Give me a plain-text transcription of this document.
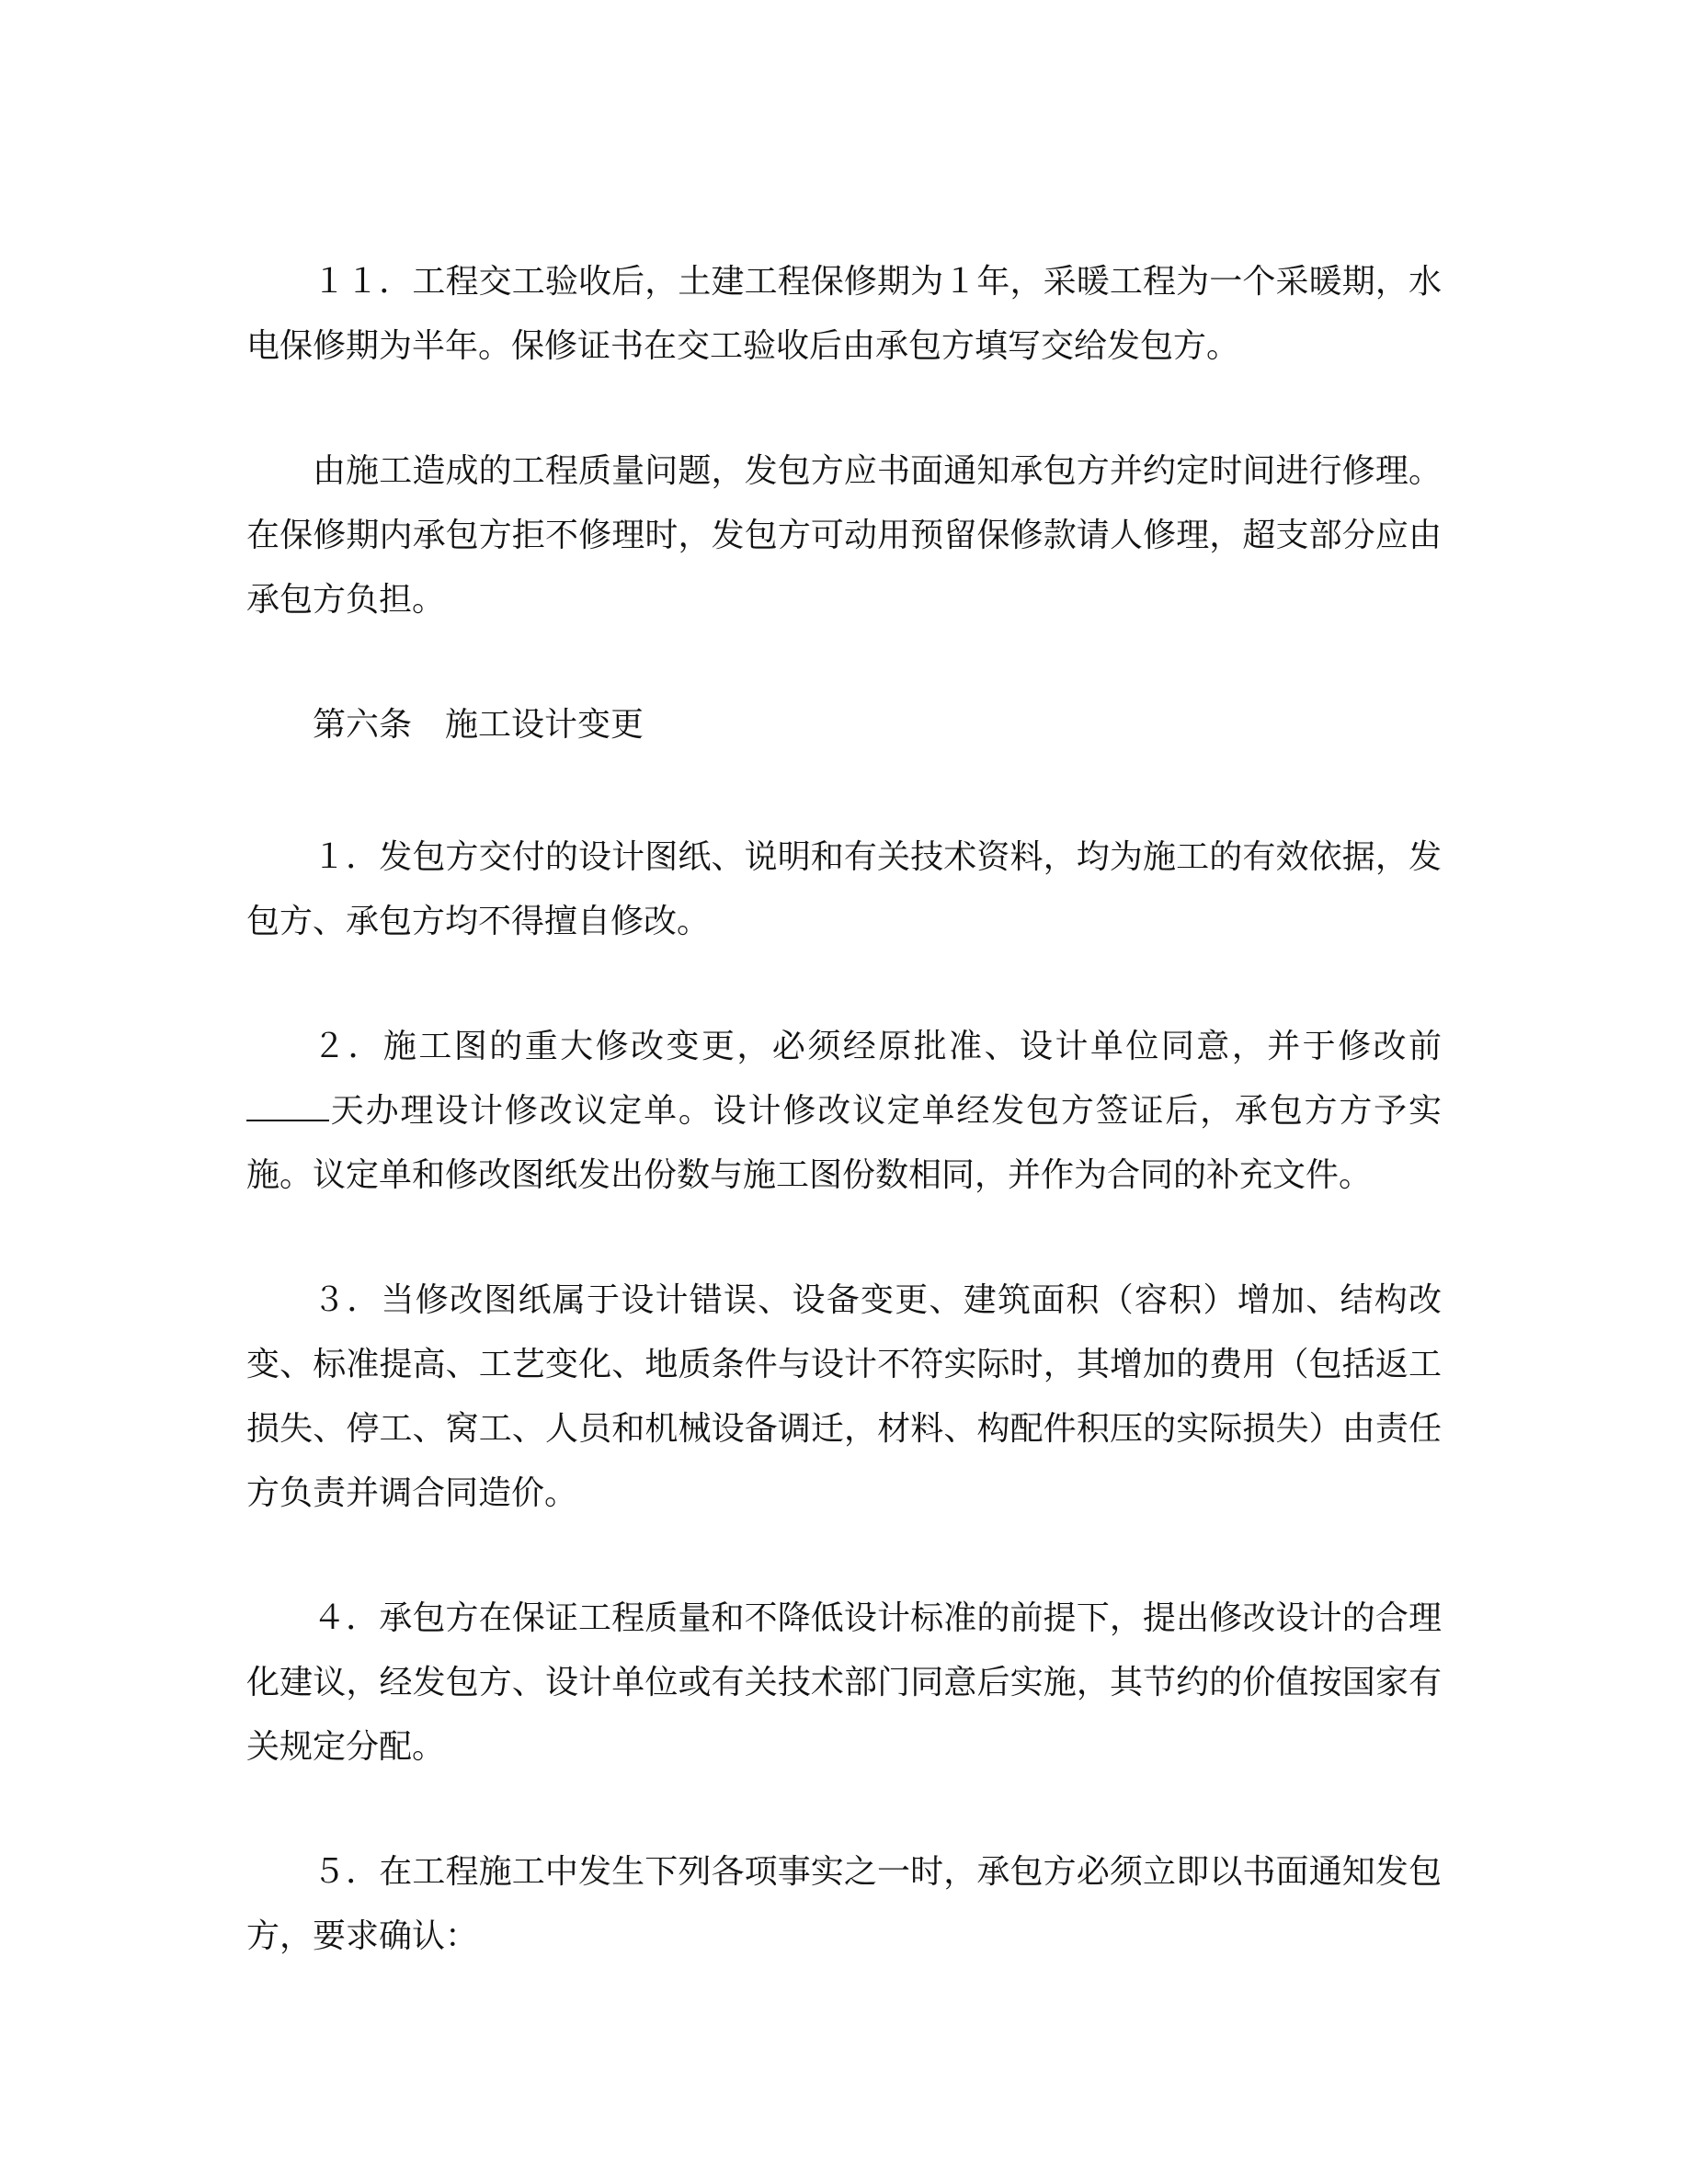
１１．工程交工验收后，土建工程保修期为１年，采暖工程为一个采暖期，水电保修期为半年。保修证书在交工验收后由承包方填写交给发包方。

由施工造成的工程质量问题，发包方应书面通知承包方并约定时间进行修理。在保修期内承包方拒不修理时，发包方可动用预留保修款请人修理，超支部分应由承包方负担。

第六条 施工设计变更

１．发包方交付的设计图纸、说明和有关技术资料，均为施工的有效依据，发包方、承包方均不得擅自修改。

２．施工图的重大修改变更，必须经原批准、设计单位同意，并于修改前天办理设计修改议定单。设计修改议定单经发包方签证后，承包方方予实施。议定单和修改图纸发出份数与施工图份数相同，并作为合同的补充文件。

３．当修改图纸属于设计错误、设备变更、建筑面积（容积）增加、结构改变、标准提高、工艺变化、地质条件与设计不符实际时，其增加的费用（包括返工损失、停工、窝工、人员和机械设备调迁，材料、构配件积压的实际损失）由责任方负责并调合同造价。

４．承包方在保证工程质量和不降低设计标准的前提下，提出修改设计的合理化建议，经发包方、设计单位或有关技术部门同意后实施，其节约的价值按国家有关规定分配。

５．在工程施工中发生下列各项事实之一时，承包方必须立即以书面通知发包方，要求确认：
